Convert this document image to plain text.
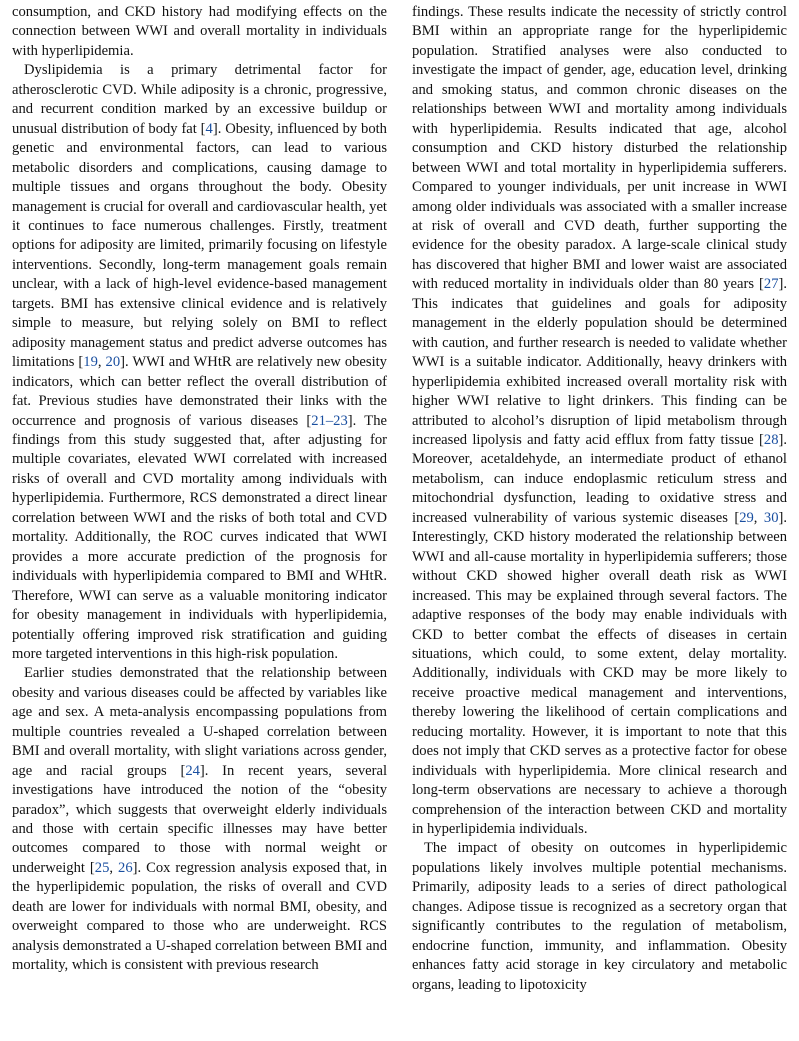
consumption, and CKD history had modifying effects on the connection between WWI and overall mortality in individuals with hyperlipidemia.

Dyslipidemia is a primary detrimental factor for atherosclerotic CVD. While adiposity is a chronic, progressive, and recurrent condition marked by an excessive buildup or unusual distribution of body fat [4]. Obesity, influenced by both genetic and environmental factors, can lead to various metabolic disorders and complications, causing damage to multiple tissues and organs throughout the body. Obesity management is crucial for overall and cardiovascular health, yet it continues to face numerous challenges. Firstly, treatment options for adiposity are limited, primarily focusing on lifestyle interventions. Secondly, long-term management goals remain unclear, with a lack of high-level evidence-based management targets. BMI has extensive clinical evidence and is relatively simple to measure, but relying solely on BMI to reflect adiposity management status and predict adverse outcomes has limitations [19, 20]. WWI and WHtR are relatively new obesity indicators, which can better reflect the overall distribution of fat. Previous studies have demonstrated their links with the occurrence and prognosis of various diseases [21–23]. The findings from this study suggested that, after adjusting for multiple covariates, elevated WWI correlated with increased risks of overall and CVD mortality among individuals with hyperlipidemia. Furthermore, RCS demonstrated a direct linear correlation between WWI and the risks of both total and CVD mortality. Additionally, the ROC curves indicated that WWI provides a more accurate prediction of the prognosis for individuals with hyperlipidemia compared to BMI and WHtR. Therefore, WWI can serve as a valuable monitoring indicator for obesity management in individuals with hyperlipidemia, potentially offering improved risk stratification and guiding more targeted interventions in this high-risk population.

Earlier studies demonstrated that the relationship between obesity and various diseases could be affected by variables like age and sex. A meta-analysis encompassing populations from multiple countries revealed a U-shaped correlation between BMI and overall mortality, with slight variations across gender, age and racial groups [24]. In recent years, several investigations have introduced the notion of the “obesity paradox”, which suggests that overweight elderly individuals and those with certain specific illnesses may have better outcomes compared to those with normal weight or underweight [25, 26]. Cox regression analysis exposed that, in the hyperlipidemic population, the risks of overall and CVD death are lower for individuals with normal BMI, obesity, and overweight compared to those who are underweight. RCS analysis demonstrated a U-shaped correlation between BMI and mortality, which is consistent with previous research

findings. These results indicate the necessity of strictly control BMI within an appropriate range for the hyperlipidemic population. Stratified analyses were also conducted to investigate the impact of gender, age, education level, drinking and smoking status, and common chronic diseases on the relationships between WWI and mortality among individuals with hyperlipidemia. Results indicated that age, alcohol consumption and CKD history disturbed the relationship between WWI and total mortality in hyperlipidemia sufferers. Compared to younger individuals, per unit increase in WWI among older individuals was associated with a smaller increase at risk of overall and CVD death, further supporting the evidence for the obesity paradox. A large-scale clinical study has discovered that higher BMI and lower waist are associated with reduced mortality in individuals older than 80 years [27]. This indicates that guidelines and goals for adiposity management in the elderly population should be determined with caution, and further research is needed to validate whether WWI is a suitable indicator. Additionally, heavy drinkers with hyperlipidemia exhibited increased overall mortality risk with higher WWI relative to light drinkers. This finding can be attributed to alcohol’s disruption of lipid metabolism through increased lipolysis and fatty acid efflux from fatty tissue [28]. Moreover, acetaldehyde, an intermediate product of ethanol metabolism, can induce endoplasmic reticulum stress and mitochondrial dysfunction, leading to oxidative stress and increased vulnerability of various systemic diseases [29, 30]. Interestingly, CKD history moderated the relationship between WWI and all-cause mortality in hyperlipidemia sufferers; those without CKD showed higher overall death risk as WWI increased. This may be explained through several factors. The adaptive responses of the body may enable individuals with CKD to better combat the effects of diseases in certain situations, which could, to some extent, delay mortality. Additionally, individuals with CKD may be more likely to receive proactive medical management and interventions, thereby lowering the likelihood of certain complications and reducing mortality. However, it is important to note that this does not imply that CKD serves as a protective factor for obese individuals with hyperlipidemia. More clinical research and long-term observations are necessary to achieve a thorough comprehension of the interaction between CKD and mortality in hyperlipidemia individuals.

The impact of obesity on outcomes in hyperlipidemic populations likely involves multiple potential mechanisms. Primarily, adiposity leads to a series of direct pathological changes. Adipose tissue is recognized as a secretory organ that significantly contributes to the regulation of metabolism, endocrine function, immunity, and inflammation. Obesity enhances fatty acid storage in key circulatory and metabolic organs, leading to lipotoxicity
